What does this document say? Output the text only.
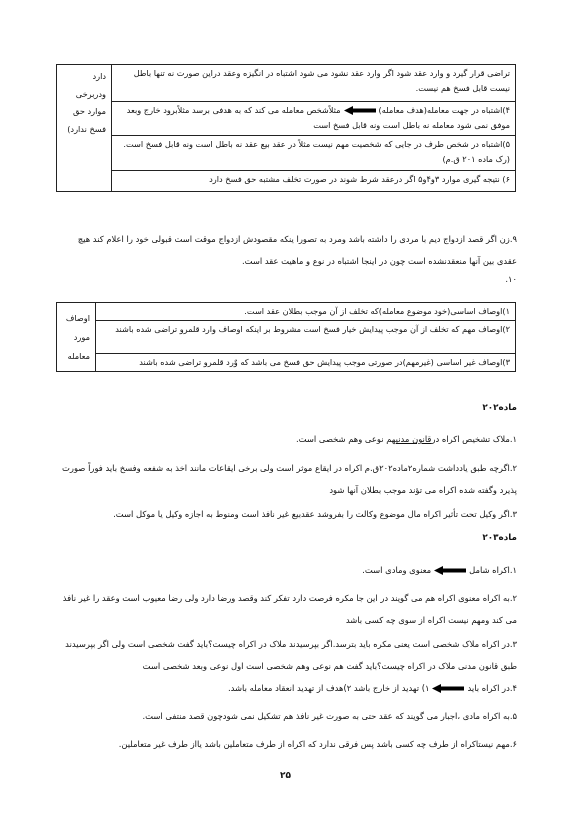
تراضی قرار گیرد و وارد عقد شود اگر وارد عقد نشود می شود اشتباه در انگیزه وعقد دراین صورت نه تنها باطل نیست قابل فسخ هم نیست.	دارد ودربرخی موارد حق فسخ ندارد)
۴)اشتباه در جهت معامله(هدف معامله)مثلاًشخص معامله می کند که به هدفی برسد مثلاًبرود خارج وبعد موفق نمی شود معامله نه باطل است ونه قابل فسخ است
۵)اشتباه در شخص طرف در جایی که شخصیت مهم نیست مثلاً در عقد بیع عقد نه باطل است ونه قابل فسخ است.(رک ماده ۲۰۱ ق.م)
۶) نتیجه گیری موارد ۳و۴و۵ اگر درعقد شرط شوند در صورت تخلف مشتبه حق فسخ دارد

۹.زن اگر قصد ازدواج دیم با مردی را داشته باشد ومرد به تصورا ینکه مقصودش ازدواج موقت است قبولی خود را اعلام کند هیچ عقدی بین آنها منعقدنشده است چون در اینجا اشتباه در نوع و ماهیت عقد است.

۱۰.

۱)اوصاف اساسی(خود موضوع معامله)که تخلف از آن موجب بطلان عقد است.	اوصاف مورد معامله
۲)اوصاف مهم که تخلف از آن موجب پیدایش خیار فسخ است مشروط بر اینکه اوصاف وارد قلمرو تراضی شده باشند
۳)اوصاف غیر اساسی (غیرمهم)در صورتی موجب پیدایش حق فسخ می باشد که وٌرد قلمرو تراضی شده باشند

ماده۲۰۲

۱.ملاک تشخیص اکراه درقانون مدنیهم نوعی وهم شخصی است.

۲.اگرچه طبق یادداشت شماره۲ماده۲۰۲ق.م اکراه در ایقاع موثر است ولی برخی ایقاعات مانند اخذ به شفعه وفسخ باید فوراً صورت پذیرد وگفته شده اکراه می تؤند موجب بطلان آنها شود

۳.اگر وکیل تحت تأثیر اکراه مال موضوع وکالت را بفروشد عقدبیع غیر نافذ است ومنوط به اجازه وکیل یا موکل است.

ماده۲۰۳

۱.اکراه شاملمعنوی ومادی است.

۲.به اکراه معنوی اکراه هم می گویند در این جا مکره فرصت دارد تفکر کند وقصد ورضا دارد ولی رضا معیوب است وعقد را غیر نافذ می کند ومهم نیست اکراه از سوی چه کسی باشد

۳.در اکراه ملاک شخصی است یعنی مکره باید بترسد.اگر بپرسیدند ملاک در اکراه چیست؟باید گفت شخصی است ولی اگر بپرسیدند طبق قانون مدنی ملاک در اکراه چیست؟باید گفت هم نوعی وهم شخصی است اول نوعی وبعد شخصی است

۴.در اکراه باید۱) تهدید از خارج باشد ۲)هدف از تهدید انعقاد معامله باشد.

۵.به اکراه مادی ،اجبار می گویند که عقد حتی به صورت غیر نافذ هم تشکیل نمی شودچون قصد منتفی است.

۶.مهم نیستاکراه از طرف چه کسی باشد پس فرقی ندارد که اکراه از طرف متعاملین باشد یااز طرف غیر متعاملین.

۲۵
